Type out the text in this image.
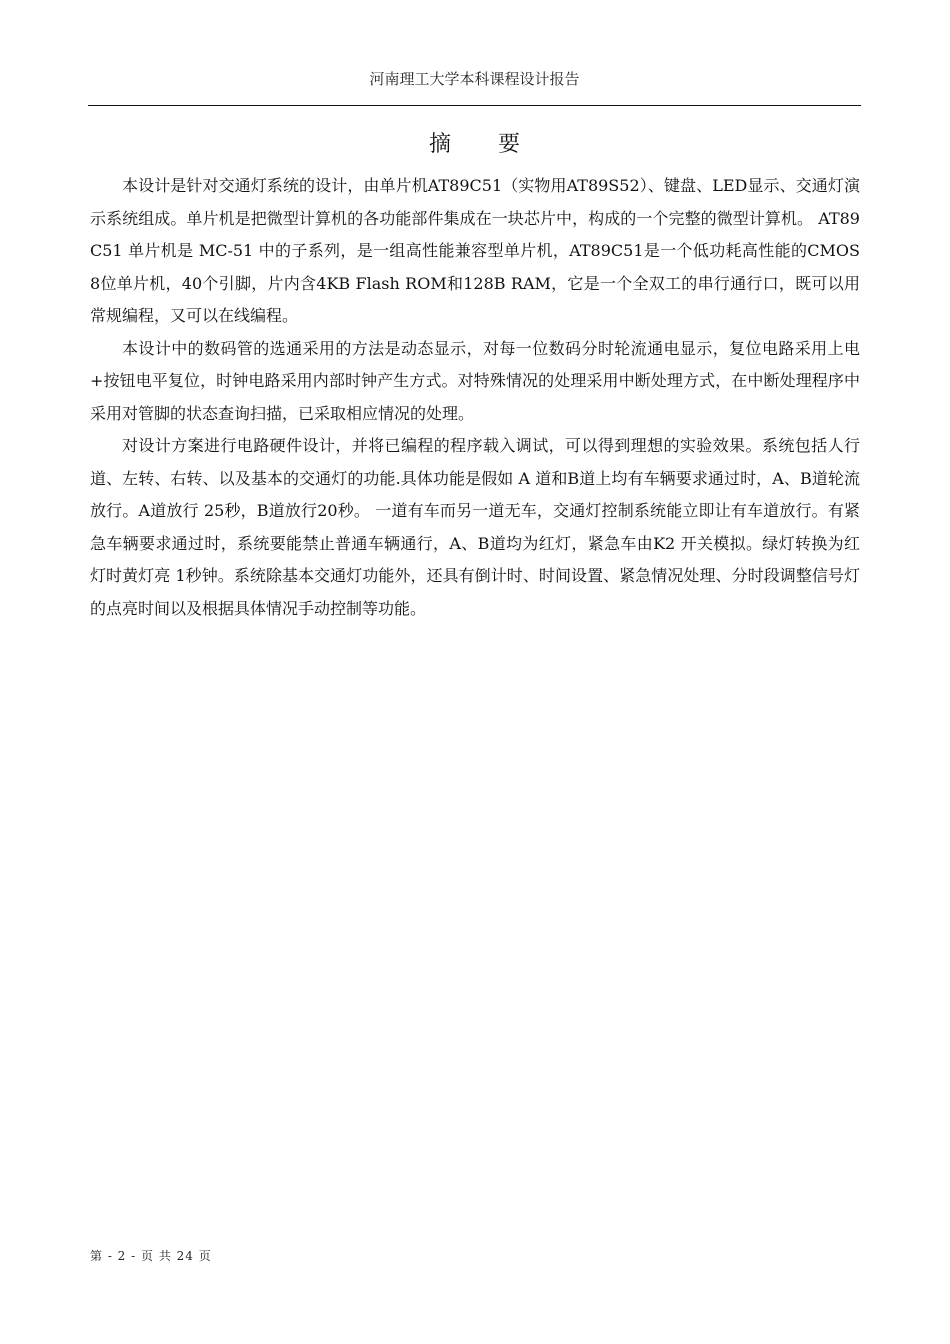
河南理工大学本科课程设计报告
摘 要

本设计是针对交通灯系统的设计，由单片机AT89C51（实物用AT89S52）、键盘、LED显示、交通灯演示系统组成。单片机是把微型计算机的各功能部件集成在一块芯片中，构成的一个完整的微型计算机。 AT89C51 单片机是 MC-51 中的子系列，是一组高性能兼容型单片机，AT89C51是一个低功耗高性能的CMOS 8位单片机，40个引脚，片内含4KB Flash ROM和128B RAM，它是一个全双工的串行通行口，既可以用常规编程，又可以在线编程。

本设计中的数码管的选通采用的方法是动态显示，对每一位数码分时轮流通电显示，复位电路采用上电+按钮电平复位，时钟电路采用内部时钟产生方式。对特殊情况的处理采用中断处理方式，在中断处理程序中采用对管脚的状态查询扫描，已采取相应情况的处理。

对设计方案进行电路硬件设计，并将已编程的程序载入调试，可以得到理想的实验效果。系统包括人行道、左转、右转、以及基本的交通灯的功能.具体功能是假如 A 道和B道上均有车辆要求通过时，A、B道轮流放行。A道放行 25秒，B道放行20秒。 一道有车而另一道无车，交通灯控制系统能立即让有车道放行。有紧急车辆要求通过时，系统要能禁止普通车辆通行，A、B道均为红灯，紧急车由K2 开关模拟。绿灯转换为红灯时黄灯亮 1秒钟。系统除基本交通灯功能外，还具有倒计时、时间设置、紧急情况处理、分时段调整信号灯的点亮时间以及根据具体情况手动控制等功能。

第 - 2 - 页 共 24 页
